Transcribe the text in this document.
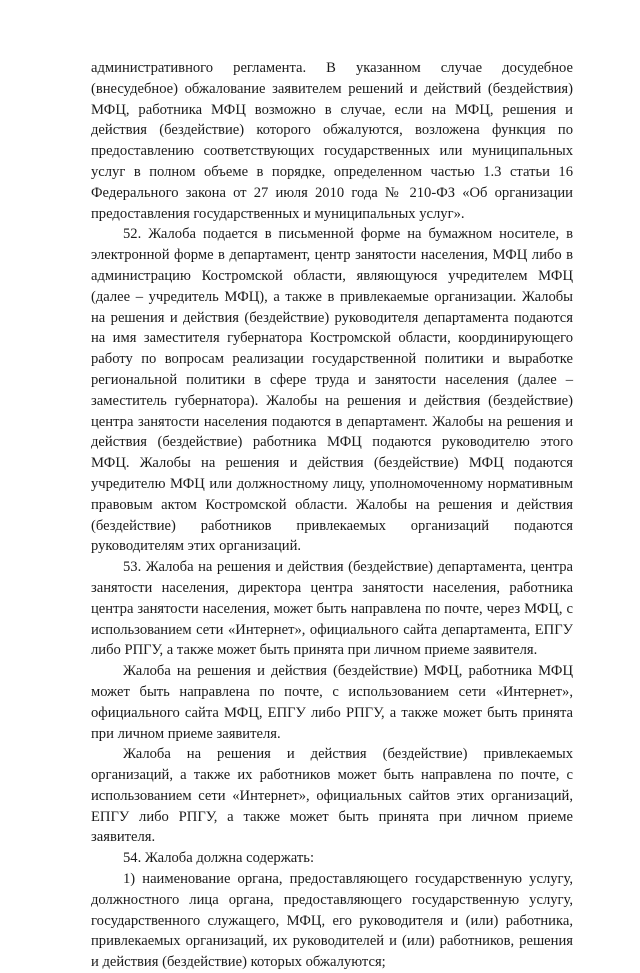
административного регламента. В указанном случае досудебное (внесудебное) обжалование заявителем решений и действий (бездействия) МФЦ, работника МФЦ возможно в случае, если на МФЦ, решения и действия (бездействие) которого обжалуются, возложена функция по предоставлению соответствующих государственных или муниципальных услуг в полном объеме в порядке, определенном частью 1.3 статьи 16 Федерального закона от 27 июля 2010 года № 210-ФЗ «Об организации предоставления государственных и муниципальных услуг».

52. Жалоба подается в письменной форме на бумажном носителе, в электронной форме в департамент, центр занятости населения, МФЦ либо в администрацию Костромской области, являющуюся учредителем МФЦ (далее – учредитель МФЦ), а также в привлекаемые организации. Жалобы на решения и действия (бездействие) руководителя департамента подаются на имя заместителя губернатора Костромской области, координирующего работу по вопросам реализации государственной политики и выработке региональной политики в сфере труда и занятости населения (далее – заместитель губернатора). Жалобы на решения и действия (бездействие) центра занятости населения подаются в департамент. Жалобы на решения и действия (бездействие) работника МФЦ подаются руководителю этого МФЦ. Жалобы на решения и действия (бездействие) МФЦ подаются учредителю МФЦ или должностному лицу, уполномоченному нормативным правовым актом Костромской области. Жалобы на решения и действия (бездействие) работников привлекаемых организаций подаются руководителям этих организаций.

53. Жалоба на решения и действия (бездействие) департамента, центра занятости населения, директора центра занятости населения, работника центра занятости населения, может быть направлена по почте, через МФЦ, с использованием сети «Интернет», официального сайта департамента, ЕПГУ либо РПГУ, а также может быть принята при личном приеме заявителя.

Жалоба на решения и действия (бездействие) МФЦ, работника МФЦ может быть направлена по почте, с использованием сети «Интернет», официального сайта МФЦ, ЕПГУ либо РПГУ, а также может быть принята при личном приеме заявителя.

Жалоба на решения и действия (бездействие) привлекаемых организаций, а также их работников может быть направлена по почте, с использованием сети «Интернет», официальных сайтов этих организаций, ЕПГУ либо РПГУ, а также может быть принята при личном приеме заявителя.

54. Жалоба должна содержать:

1) наименование органа, предоставляющего государственную услугу, должностного лица органа, предоставляющего государственную услугу, государственного служащего, МФЦ, его руководителя и (или) работника, привлекаемых организаций, их руководителей и (или) работников, решения и действия (бездействие) которых обжалуются;
